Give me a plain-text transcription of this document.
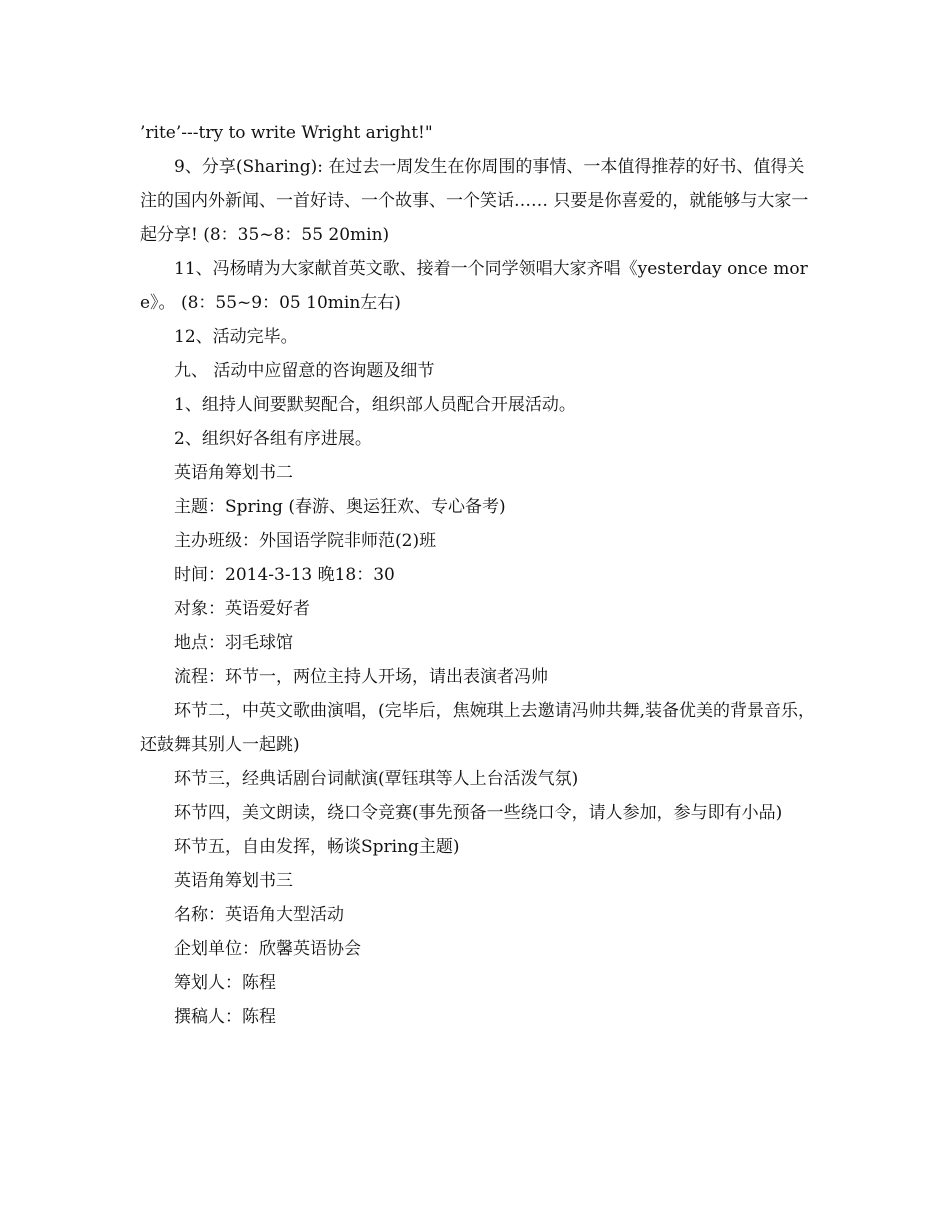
’rite’---try to write Wright aright!"

9、分享(Sharing): 在过去一周发生在你周围的事情、一本值得推荐的好书、值得关注的国内外新闻、一首好诗、一个故事、一个笑话…… 只要是你喜爱的，就能够与大家一起分享! (8：35~8：55 20min)

11、冯杨晴为大家献首英文歌、接着一个同学领唱大家齐唱《yesterday once more》。 (8：55~9：05 10min左右)

12、活动完毕。

九、 活动中应留意的咨询题及细节

1、组持人间要默契配合，组织部人员配合开展活动。

2、组织好各组有序进展。

英语角筹划书二

主题：Spring (春游、奥运狂欢、专心备考)

主办班级：外国语学院非师范(2)班

时间：2014-3-13 晚18：30

对象：英语爱好者

地点：羽毛球馆

流程：环节一，两位主持人开场，请出表演者冯帅

环节二，中英文歌曲演唱，(完毕后，焦婉琪上去邀请冯帅共舞,装备优美的背景音乐，还鼓舞其别人一起跳)

环节三，经典话剧台词献演(覃钰琪等人上台活泼气氛)

环节四，美文朗读，绕口令竞赛(事先预备一些绕口令，请人参加，参与即有小品)

环节五，自由发挥，畅谈Spring主题)

英语角筹划书三

名称：英语角大型活动

企划单位：欣馨英语协会

筹划人：陈程

撰稿人：陈程
